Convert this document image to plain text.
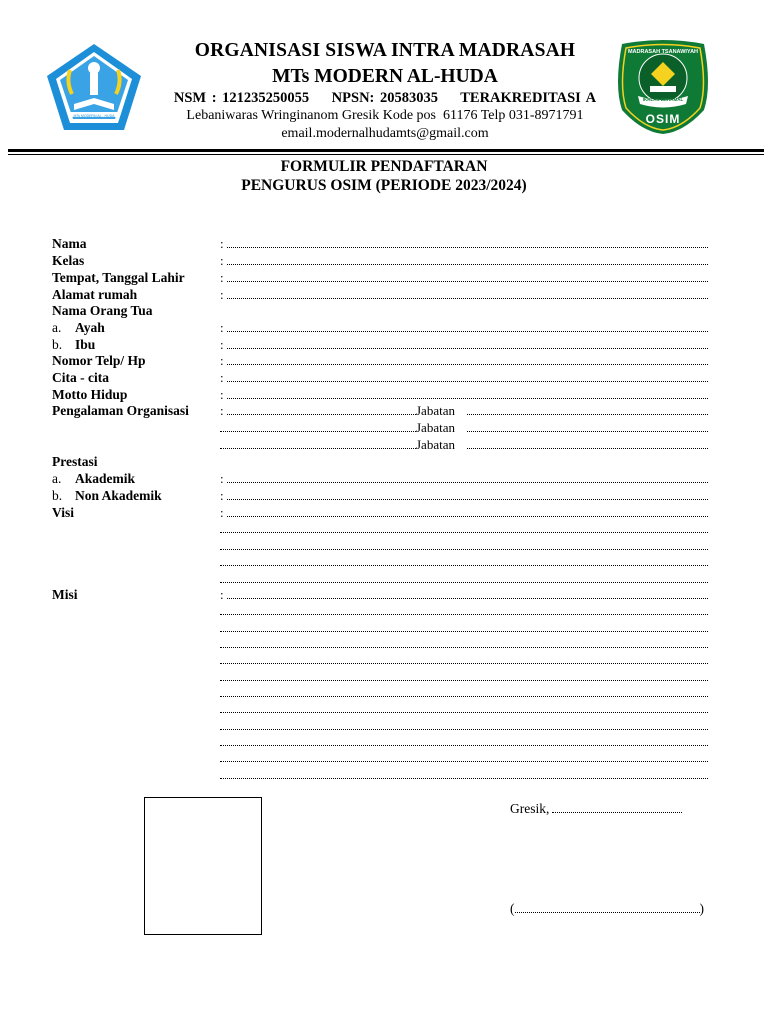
MTs MODERN AL - HUDA
MADRASAH TSANAWIYAH
IKHLAS BERAMAL
OSIM
ORGANISASI SISWA INTRA MADRASAH
MTs MODERN AL-HUDA
NSM : 121235250055    NPSN: 20583035    TERAKREDITASI A
Lebaniwaras Wringinanom Gresik Kode pos  61176 Telp 031-8971791
email.modernalhudamts@gmail.com
FORMULIR PENDAFTARAN
PENGURUS OSIM (PERIODE 2023/2024)
Nama
Kelas
Tempat, Tanggal Lahir
Alamat rumah
Nama Orang Tua
a. Ayah
b. Ibu
Nomor Telp/ Hp
Cita - cita
Motto Hidup
Pengalaman Organisasi
Prestasi
a. Akademik
b. Non Akademik
Visi
Misi
:
:
:
:
:
:
:
:
:
:	Jabatan
Jabatan
Jabatan
:
:
:
:
Gresik,
(	)
